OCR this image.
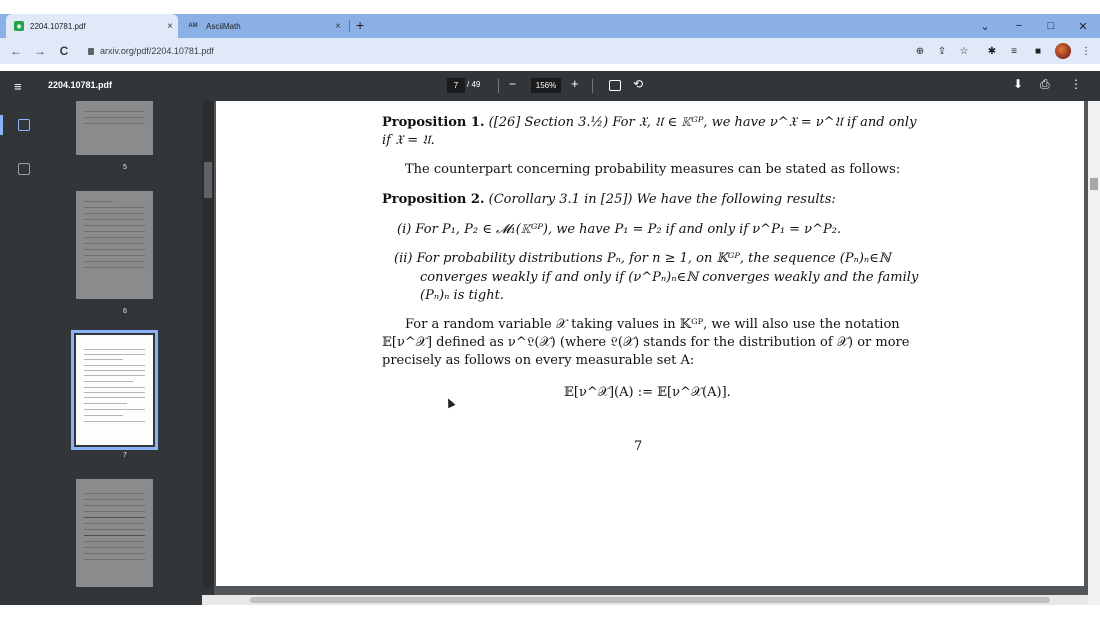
◉ 2204.10781.pdf	×	AM AsciiMath	×	+	⌄	−	□	✕
←	→	C	arxiv.org/pdf/2204.10781.pdf	⊕	⇪	☆	✱	≡	■	⋮
≡	2204.10781.pdf	7	/ 49 −	156%	+	⟲	⬇ ⎙ ⋮
5
6
7
Proposition 1. ([26] Section 3.½) For 𝔛, 𝔘 ∈ 𝕂ᴳᴾ, we have ν^𝔛 = ν^𝔘 if and only
if 𝔛 = 𝔘.
The counterpart concerning probability measures can be stated as follows:
Proposition 2. (Corollary 3.1 in [25]) We have the following results:
(i) For P₁, P₂ ∈ 𝓜₁(𝕂ᴳᴾ), we have P₁ = P₂ if and only if ν^P₁ = ν^P₂.
(ii) For probability distributions Pₙ, for n ≥ 1, on 𝕂ᴳᴾ, the sequence (Pₙ)ₙ∈ℕ
converges weakly if and only if (ν^Pₙ)ₙ∈ℕ converges weakly and the family
(Pₙ)ₙ is tight.
For a random variable 𝒳 taking values in 𝕂ᴳᴾ, we will also use the notation
𝔼[ν^𝒳] defined as ν^𝔏(𝒳) (where 𝔏(𝒳) stands for the distribution of 𝒳) or more
precisely as follows on every measurable set A:
𝔼[ν^𝒳](A) := 𝔼[ν^𝒳(A)].
7
